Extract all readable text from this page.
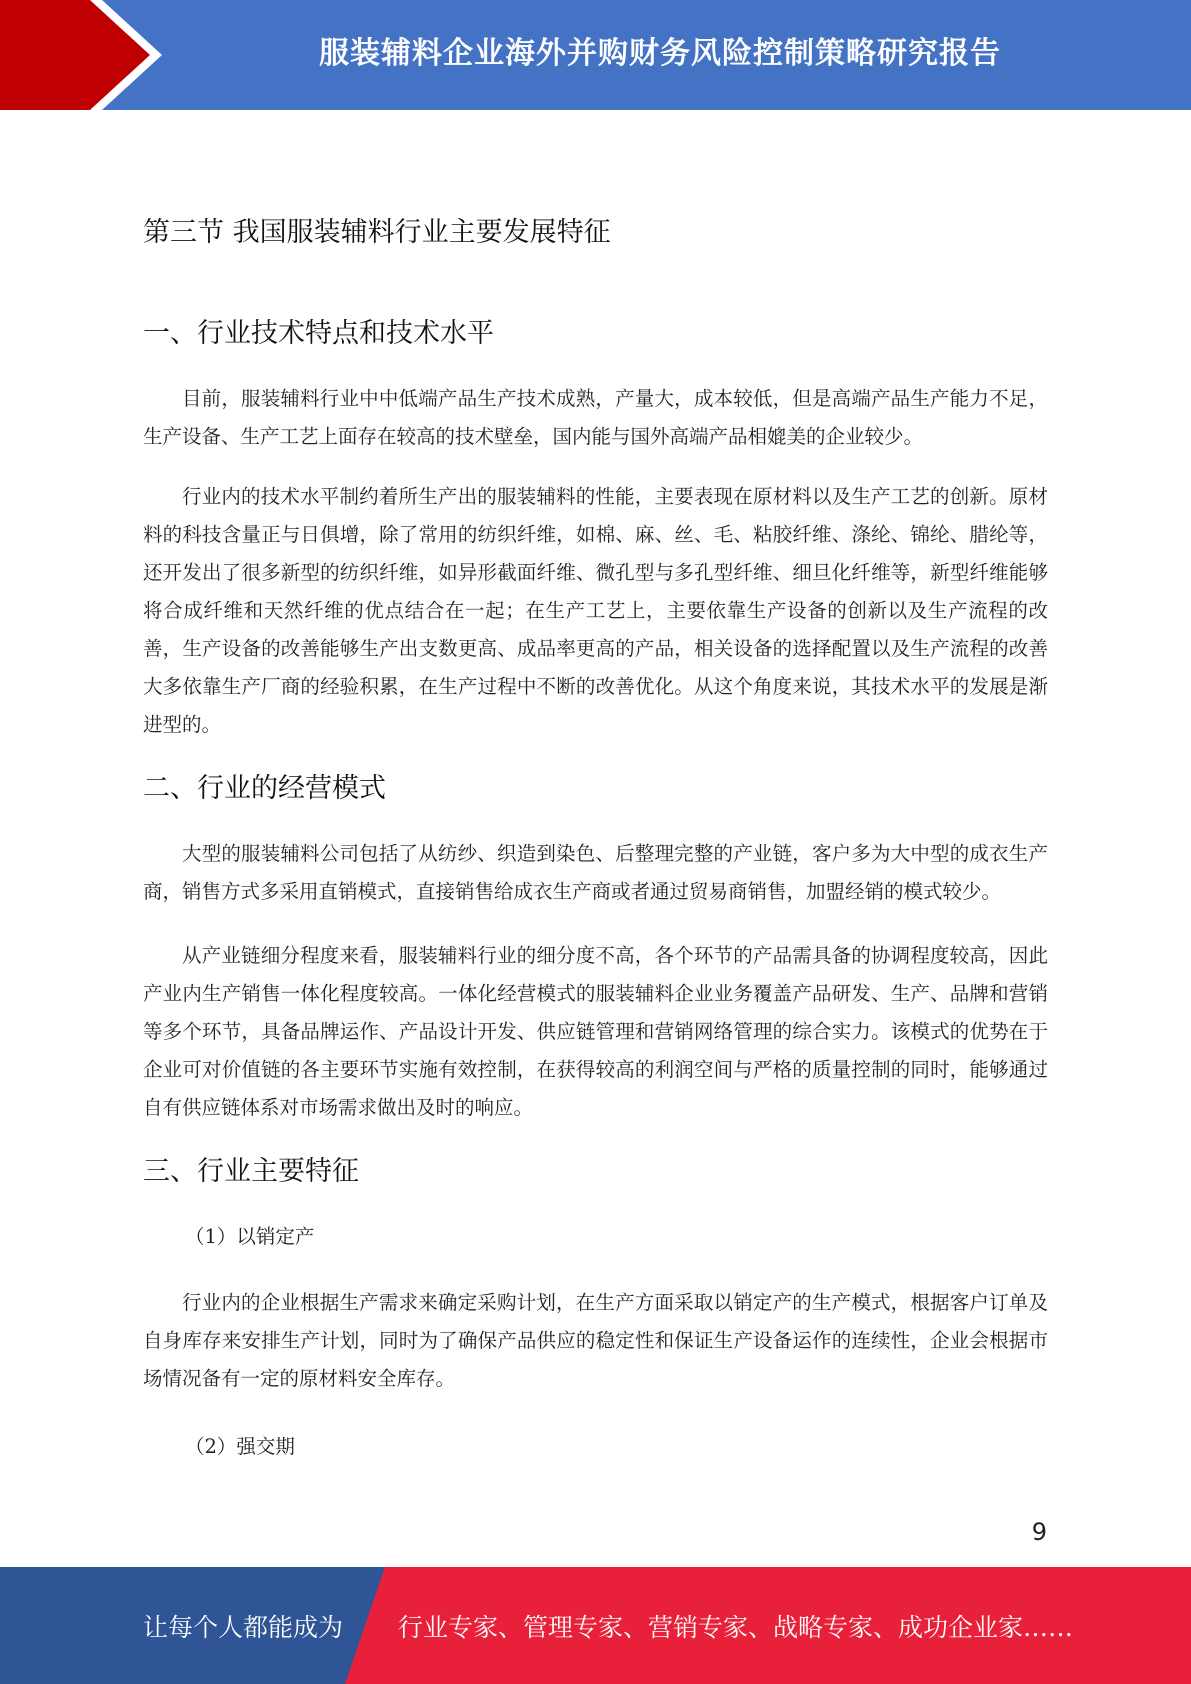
服装辅料企业海外并购财务风险控制策略研究报告
第三节 我国服装辅料行业主要发展特征
一、行业技术特点和技术水平

目前，服装辅料行业中中低端产品生产技术成熟，产量大，成本较低，但是高端产品生产能力不足，生产设备、生产工艺上面存在较高的技术壁垒，国内能与国外高端产品相媲美的企业较少。

行业内的技术水平制约着所生产出的服装辅料的性能，主要表现在原材料以及生产工艺的创新。原材料的科技含量正与日俱增，除了常用的纺织纤维，如棉、麻、丝、毛、粘胶纤维、涤纶、锦纶、腊纶等，还开发出了很多新型的纺织纤维，如异形截面纤维、微孔型与多孔型纤维、细旦化纤维等，新型纤维能够将合成纤维和天然纤维的优点结合在一起；在生产工艺上，主要依靠生产设备的创新以及生产流程的改善，生产设备的改善能够生产出支数更高、成品率更高的产品，相关设备的选择配置以及生产流程的改善大多依靠生产厂商的经验积累，在生产过程中不断的改善优化。从这个角度来说，其技术水平的发展是渐进型的。

二、行业的经营模式

大型的服装辅料公司包括了从纺纱、织造到染色、后整理完整的产业链，客户多为大中型的成衣生产商，销售方式多采用直销模式，直接销售给成衣生产商或者通过贸易商销售，加盟经销的模式较少。

从产业链细分程度来看，服装辅料行业的细分度不高，各个环节的产品需具备的协调程度较高，因此产业内生产销售一体化程度较高。一体化经营模式的服装辅料企业业务覆盖产品研发、生产、品牌和营销等多个环节，具备品牌运作、产品设计开发、供应链管理和营销网络管理的综合实力。该模式的优势在于企业可对价值链的各主要环节实施有效控制，在获得较高的利润空间与严格的质量控制的同时，能够通过自有供应链体系对市场需求做出及时的响应。

三、行业主要特征

（1）以销定产

行业内的企业根据生产需求来确定采购计划，在生产方面采取以销定产的生产模式，根据客户订单及自身库存来安排生产计划，同时为了确保产品供应的稳定性和保证生产设备运作的连续性，企业会根据市场情况备有一定的原材料安全库存。

（2）强交期

9
让每个人都能成为 行业专家、管理专家、营销专家、战略专家、成功企业家……
